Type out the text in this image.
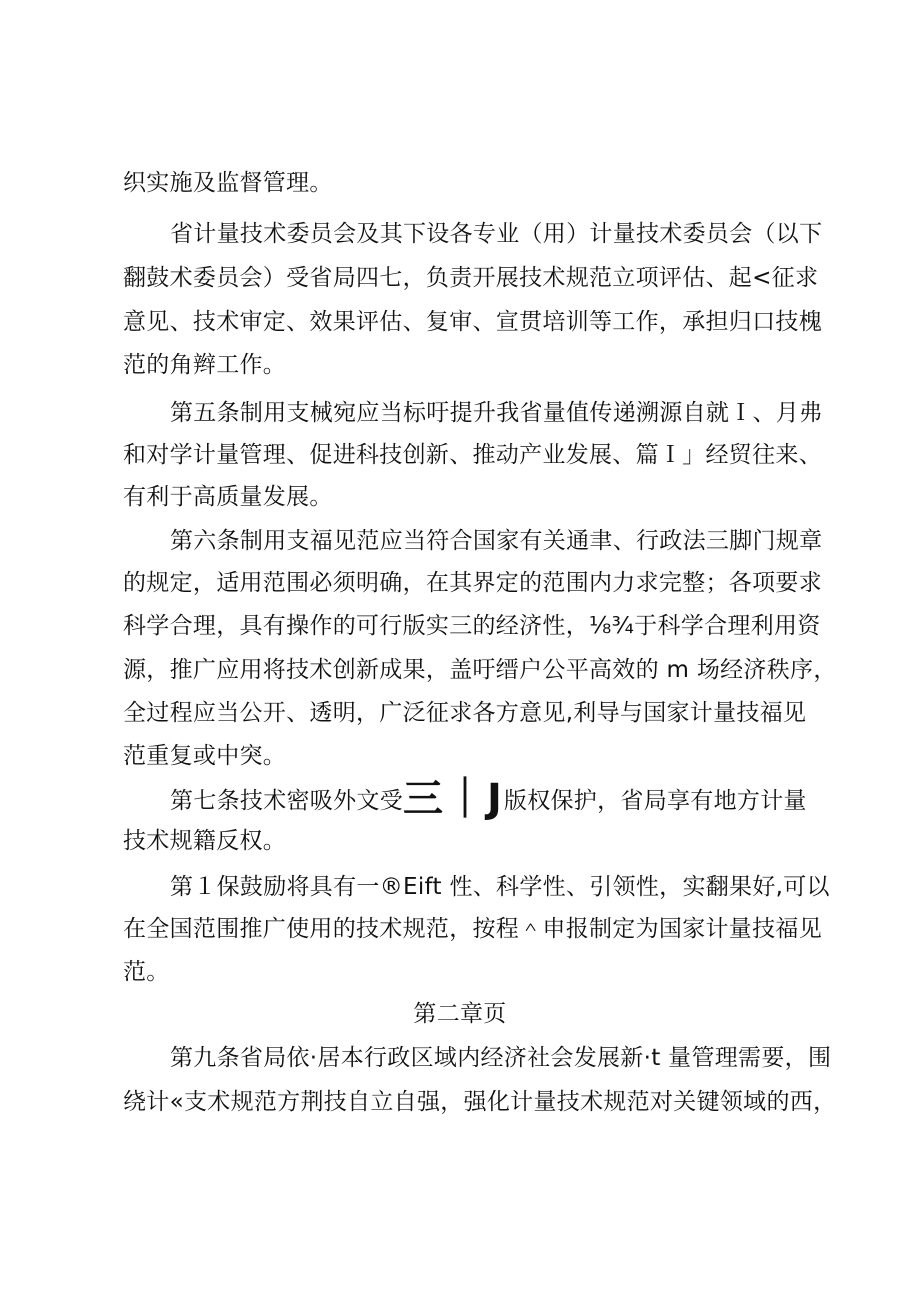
织实施及监督管理。
省计量技术委员会及其下设各专业（用）计量技术委员会（以下
翻鼓术委员会）受省局四七，负责开展技术规范立项评估、起<征求
意见、技术审定、效果评估、复审、宣贯培训等工作，承担归口技槐
范的角辫工作。
第五条制用支械宛应当标吁提升我省量值传递溯源自就Ｉ、月弗
和对学计量管理、促进科技创新、推动产业发展、篇Ｉ」经贸往来、
有利于高质量发展。
第六条制用支福见范应当符合国家有关通聿、行政法三脚门规章
的规定，适用范围必须明确，在其界定的范围内力求完整；各项要求
科学合理，具有操作的可行版实三的经济性，⅛¾于科学合理利用资
源，推广应用将技术创新成果，盖吁缙户公平高效的 m 场经济秩序，
全过程应当公开、透明，广泛征求各方意见,利导与国家计量技福见
范重复或中突。
第七条技术密吸外文受三｜J版权保护，省局享有地方计量
技术规籍反权。
第１保鼓励将具有一®Eift 性、科学性、引领性，实翻果好,可以
在全国范围推广使用的技术规范，按程＾申报制定为国家计量技福见
范。
第二章页
第九条省局依·居本行政区域内经济社会发展新·t 量管理需要，围
绕计«支术规范方荆技自立自强，强化计量技术规范对关键领域的西，
